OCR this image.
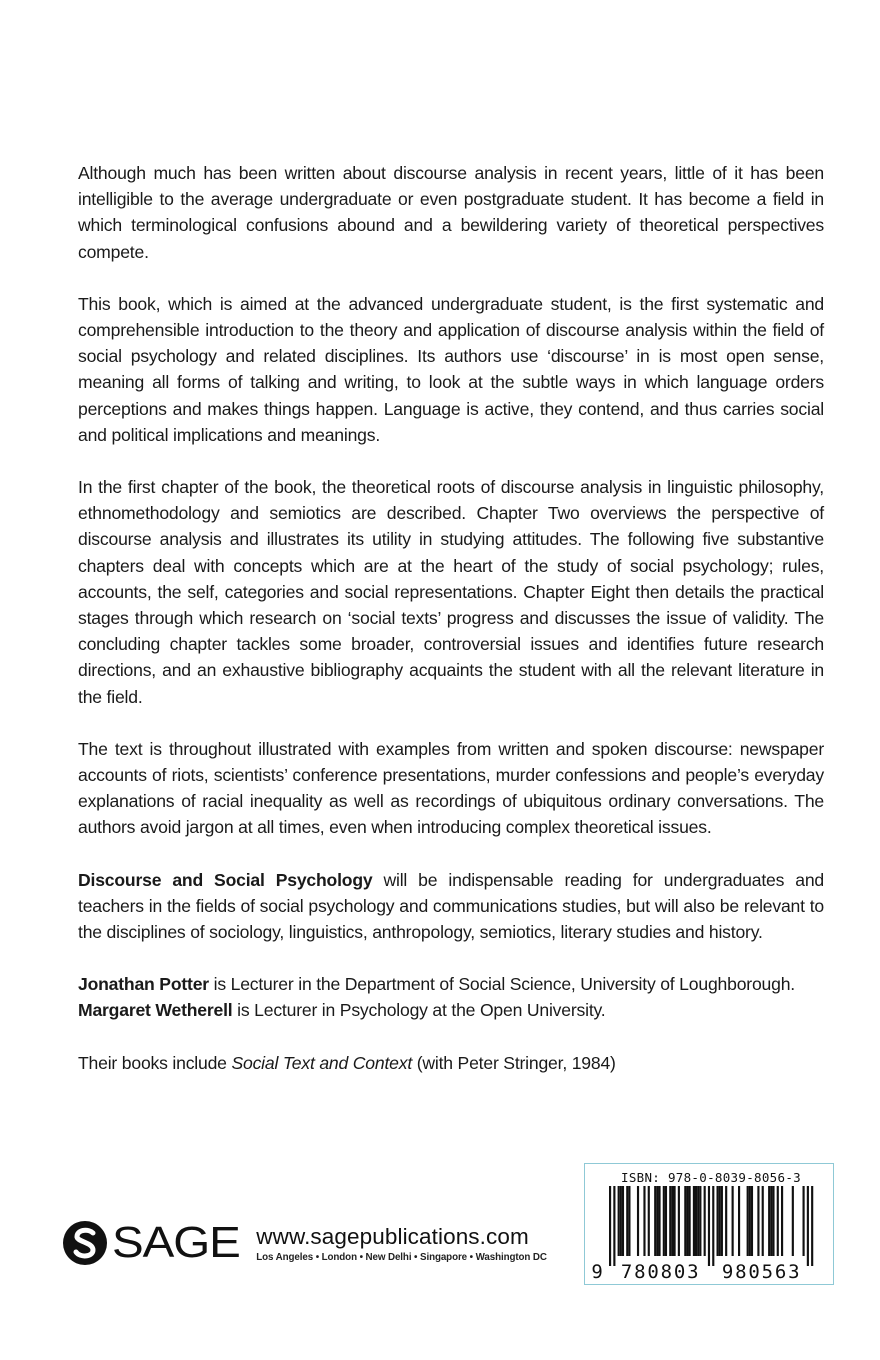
Although much has been written about discourse analysis in recent years, little of it has been intelligible to the average undergraduate or even postgraduate student. It has become a field in which terminological confusions abound and a bewildering variety of theoretical perspectives compete.

This book, which is aimed at the advanced undergraduate student, is the first systematic and comprehensible introduction to the theory and application of discourse analysis within the field of social psychology and related disciplines. Its authors use ‘discourse’ in is most open sense, meaning all forms of talking and writing, to look at the subtle ways in which language orders perceptions and makes things happen. Language is active, they contend, and thus carries social and political implications and meanings.

In the first chapter of the book, the theoretical roots of discourse analysis in linguistic philosophy, ethnomethodology and semiotics are described. Chapter Two overviews the perspective of discourse analysis and illustrates its utility in studying attitudes. The following five substantive chapters deal with concepts which are at the heart of the study of social psychology; rules, accounts, the self, categories and social representations. Chapter Eight then details the practical stages through which research on ‘social texts’ progress and discusses the issue of validity. The concluding chapter tackles some broader, controversial issues and identifies future research directions, and an exhaustive bibliography acquaints the student with all the relevant literature in the field.

The text is throughout illustrated with examples from written and spoken discourse: newspaper accounts of riots, scientists’ conference presentations, murder confessions and people’s everyday explanations of racial inequality as well as recordings of ubiquitous ordinary conversations. The authors avoid jargon at all times, even when introducing complex theoretical issues.

Discourse and Social Psychology will be indispensable reading for undergraduates and teachers in the fields of social psychology and communications studies, but will also be relevant to the disciplines of sociology, linguistics, anthropology, semiotics, literary studies and history.

Jonathan Potter is Lecturer in the Department of Social Science, University of Loughborough.

Margaret Wetherell is Lecturer in Psychology at the Open University.

Their books include Social Text and Context (with Peter Stringer, 1984)

SAGE www.sagepublications.com
Los Angeles • London • New Delhi • Singapore • Washington DC
ISBN: 978-0-8039-8056-3
9 780803 980563
